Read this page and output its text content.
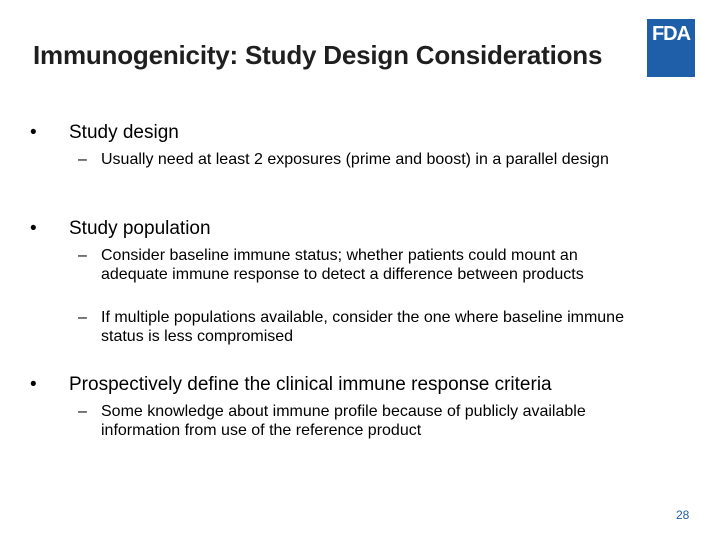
Immunogenicity: Study Design Considerations
FDA
•	Study design
– Usually need at least 2 exposures (prime and boost) in a parallel design
•	Study population
– Consider baseline immune status; whether patients could mount an adequate immune response to detect a difference between products
– If multiple populations available, consider the one where baseline immune status is less compromised
•	Prospectively define the clinical immune response criteria
– Some knowledge about immune profile because of publicly available information from use of the reference product
28
